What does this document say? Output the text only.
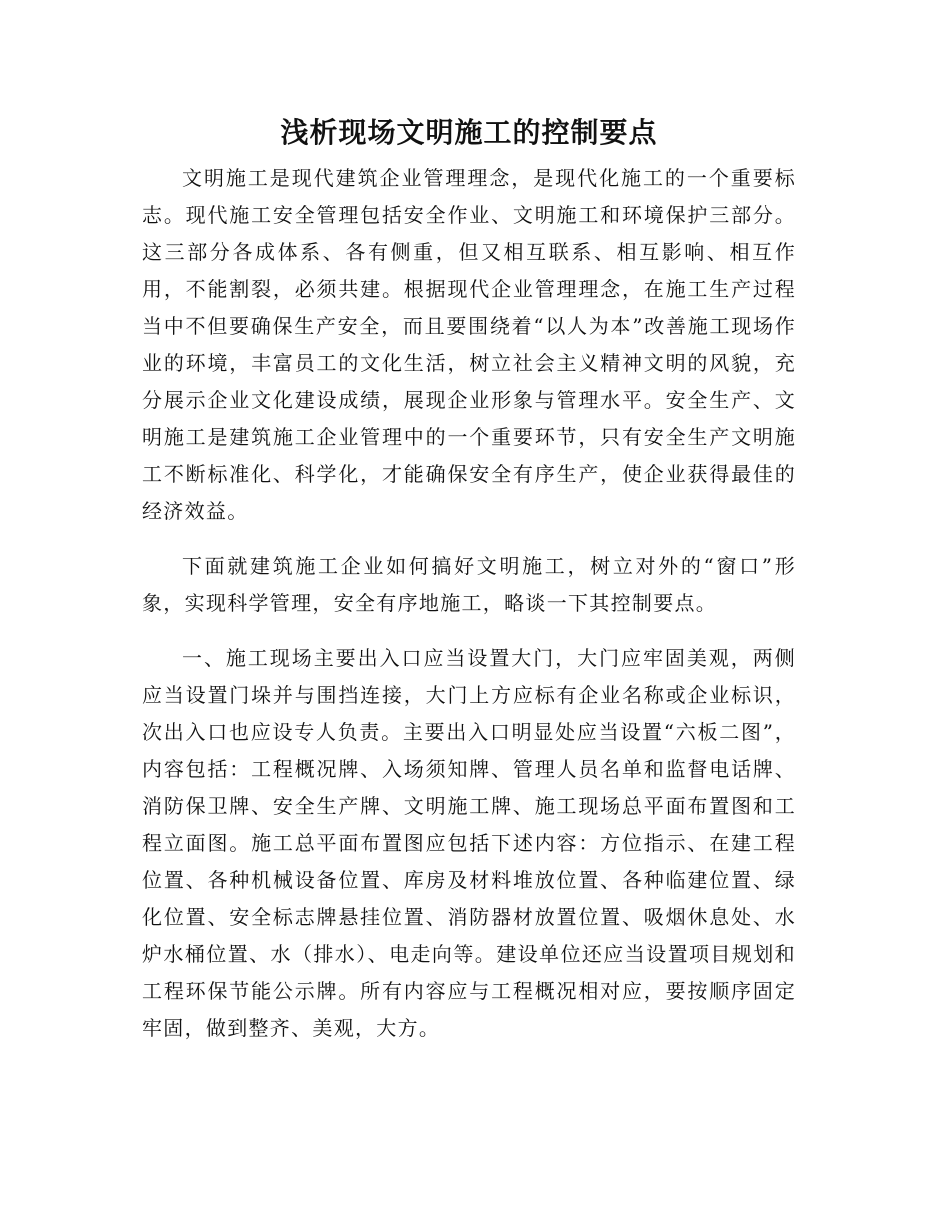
浅析现场文明施工的控制要点

文明施工是现代建筑企业管理理念，是现代化施工的一个重要标志。现代施工安全管理包括安全作业、文明施工和环境保护三部分。这三部分各成体系、各有侧重，但又相互联系、相互影响、相互作用，不能割裂，必须共建。根据现代企业管理理念，在施工生产过程当中不但要确保生产安全，而且要围绕着“以人为本”改善施工现场作业的环境，丰富员工的文化生活，树立社会主义精神文明的风貌，充分展示企业文化建设成绩，展现企业形象与管理水平。安全生产、文明施工是建筑施工企业管理中的一个重要环节，只有安全生产文明施工不断标准化、科学化，才能确保安全有序生产，使企业获得最佳的经济效益。

下面就建筑施工企业如何搞好文明施工，树立对外的“窗口”形象，实现科学管理，安全有序地施工，略谈一下其控制要点。

一、施工现场主要出入口应当设置大门，大门应牢固美观，两侧应当设置门垛并与围挡连接，大门上方应标有企业名称或企业标识，次出入口也应设专人负责。主要出入口明显处应当设置“六板二图”，内容包括：工程概况牌、入场须知牌、管理人员名单和监督电话牌、消防保卫牌、安全生产牌、文明施工牌、施工现场总平面布置图和工程立面图。施工总平面布置图应包括下述内容：方位指示、在建工程位置、各种机械设备位置、库房及材料堆放位置、各种临建位置、绿化位置、安全标志牌悬挂位置、消防器材放置位置、吸烟休息处、水炉水桶位置、水（排水）、电走向等。建设单位还应当设置项目规划和工程环保节能公示牌。所有内容应与工程概况相对应，要按顺序固定牢固，做到整齐、美观，大方。
